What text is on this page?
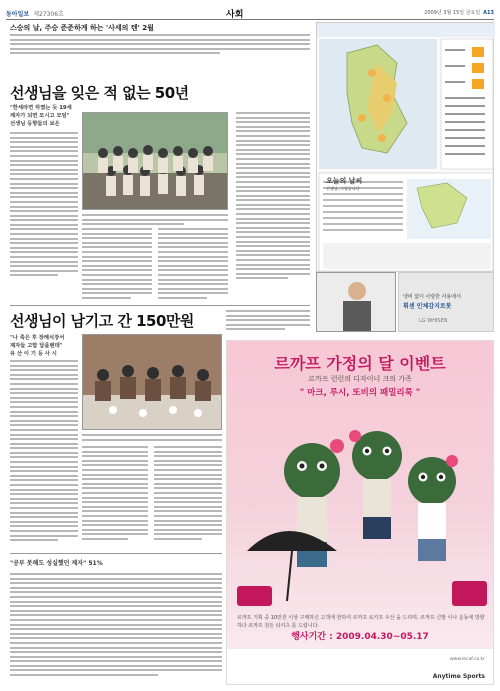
동아일보 제27306호	사회	2009년 3월 15일 금요일 A13
스승의 날, 주승 준준하게 하는 '사세의 텐' 2월
선생님을 잊은 적 없는 50년
"한세라면 하였는 듯 19세
제자가 되면 모시고 모임"
선생님 등향들의 보은
오늘의 날씨
선생님, 그립습니다
냉비 없이 사랑한 사용에서
휘센 인체감지로봇
LG WHISEN
선생님이 남기고 간 150만원
"나 죽은 후 장례식장서
제자들 고맙 답을렌데"
유 산 이 기 등 사 시
"공부 못해도 성실했던 제자" 51%
르까프 가정의 달 이벤트
르까프 런런의 디자이너 크의 가족
" 마크, 루시, 또비의 패밀리룩 "
르까프 기획 중 10만원 이상 구매하신 고객에 한하여 르까프 로키프 우산 을 드리며, 르까프 신발 이나 운동에 방향하다 르까프 원든 티셔츠 를 드립니다.
행사기간 : 2009.04.30~05.17
www.lecaf.co.kr
Anytime Sports
